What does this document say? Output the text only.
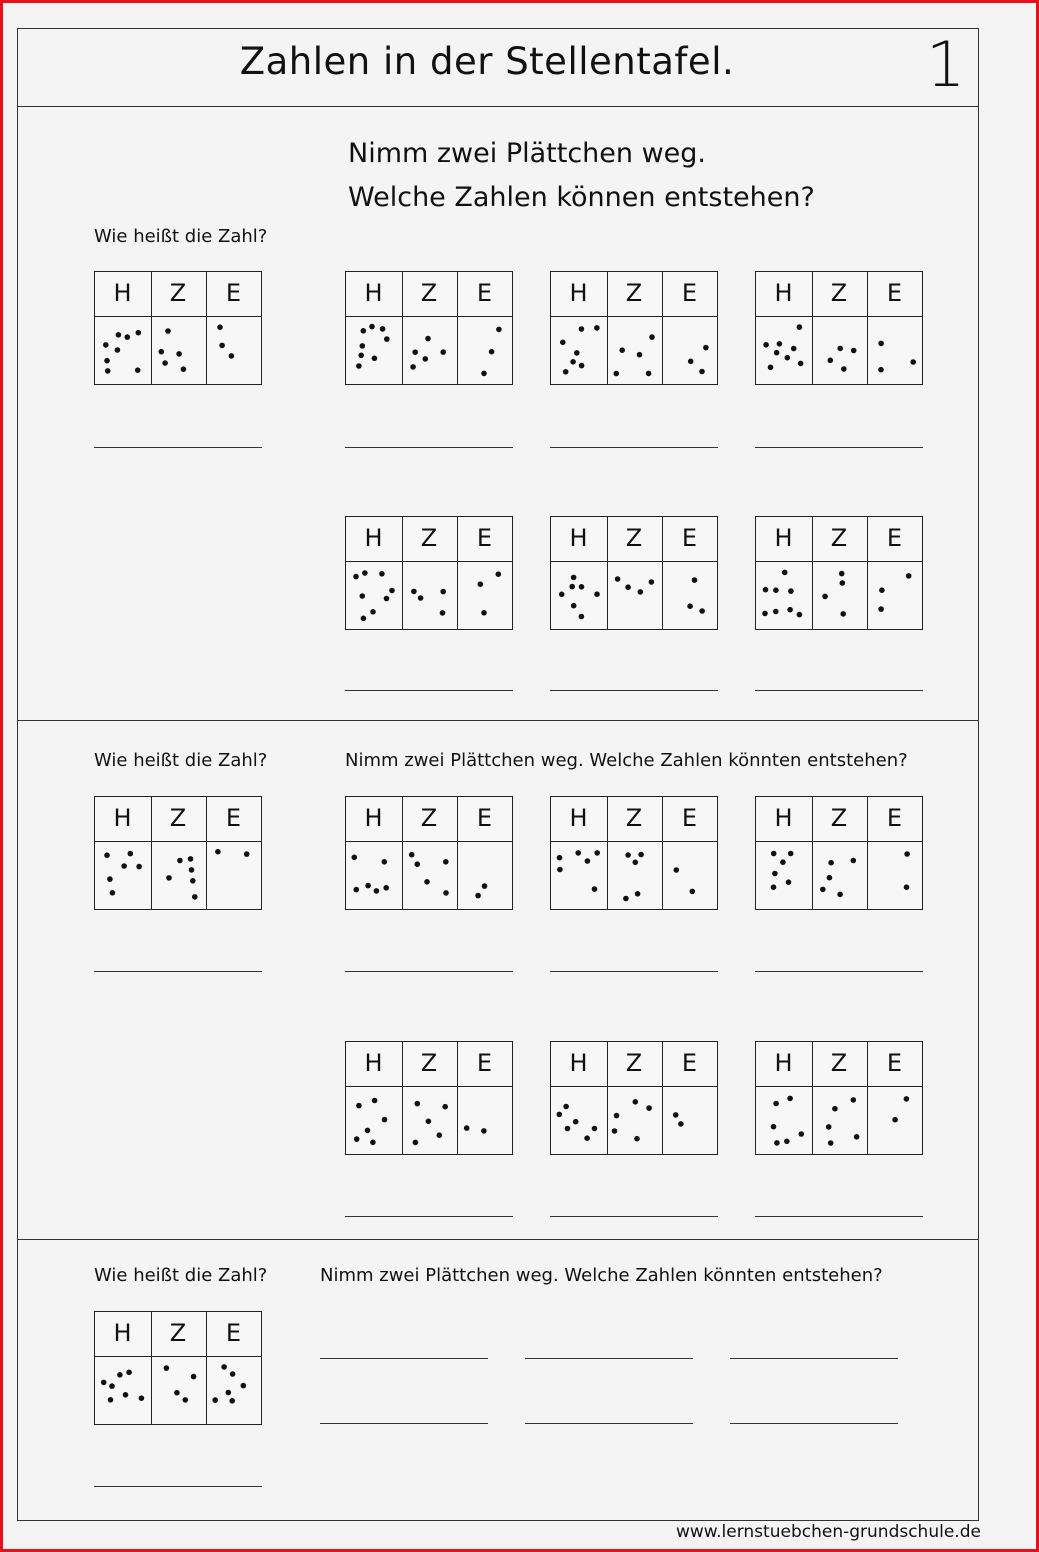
Zahlen in der Stellentafel.	1
Wie heißt die Zahl?
Nimm zwei Plättchen weg.
Welche Zahlen können entstehen?
Wie heißt die Zahl?	Nimm zwei Plättchen weg. Welche Zahlen könnten entstehen?
Wie heißt die Zahl?	Nimm zwei Plättchen weg. Welche Zahlen könnten entstehen?
H	Z	E	H	Z	E	H	Z	E	H	Z	E
H	Z	E	H	Z	E	H	Z	E
H	Z	E	H	Z	E	H	Z	E	H	Z	E
H	Z	E	H	Z	E	H	Z	E
H	Z	E
www.lernstuebchen-grundschule.de
